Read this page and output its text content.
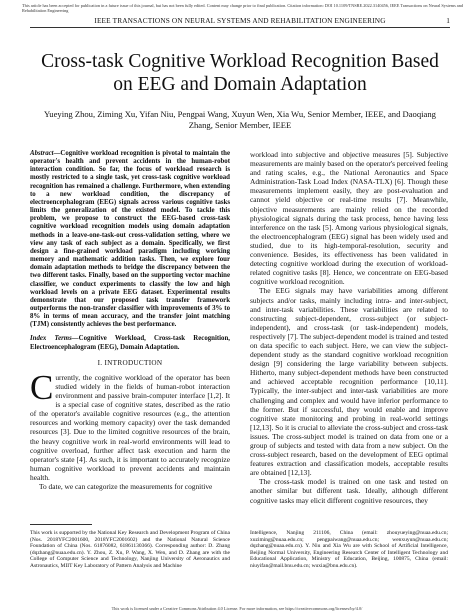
This article has been accepted for publication in a future issue of this journal, but has not been fully edited. Content may change prior to final publication. Citation information: DOI 10.1109/TNSRE.2022.3140456, IEEE Transactions on Neural Systems and Rehabilitation Engineering
IEEE TRANSACTIONS ON NEURAL SYSTEMS AND REHABILITATION ENGINEERING	1
Cross-task Cognitive Workload Recognition Based on EEG and Domain Adaptation
Yueying Zhou, Ziming Xu, Yifan Niu, Pengpai Wang, Xuyun Wen, Xia Wu, Senior Member, IEEE, and Daoqiang Zhang, Senior Member, IEEE
Abstract—Cognitive workload recognition is pivotal to maintain the operator's health and prevent accidents in the human-robot interaction condition. So far, the focus of workload research is mostly restricted to a single task, yet cross-task cognitive workload recognition has remained a challenge. Furthermore, when extending to a new workload condition, the discrepancy of electroencephalogram (EEG) signals across various cognitive tasks limits the generalization of the existed model. To tackle this problem, we propose to construct the EEG-based cross-task cognitive workload recognition models using domain adaptation methods in a leave-one-task-out cross-validation setting, where we view any task of each subject as a domain. Specifically, we first design a fine-grained workload paradigm including working memory and mathematic addition tasks. Then, we explore four domain adaptation methods to bridge the discrepancy between the two different tasks. Finally, based on the supporting vector machine classifier, we conduct experiments to classify the low and high workload levels on a private EEG dataset. Experimental results demonstrate that our proposed task transfer framework outperforms the non-transfer classifier with improvements of 3% to 8% in terms of mean accuracy, and the transfer joint matching (TJM) consistently achieves the best performance.
Index Terms—Cognitive Workload, Cross-task Recognition, Electroencephalogram (EEG), Domain Adaptation.
I. INTRODUCTION

Currently, the cognitive workload of the operator has been studied widely in the fields of human-robot interaction environment and passive brain-computer interface [1,2]. It is a special case of cognitive states, described as the ratio of the operator's available cognitive resources (e.g., the attention resources and working memory capacity) over the task demanded resources [3]. Due to the limited cognitive resources of the brain, the heavy cognitive work in real-world environments will lead to cognitive overload, further affect task execution and harm the operator's state [4]. As such, it is important to accurately recognize human cognitive workload to prevent accidents and maintain health.

To date, we can categorize the measurements for cognitive

workload into subjective and objective measures [5]. Subjective measurements are mainly based on the operator's perceived feeling and rating scales, e.g., the National Aeronautics and Space Administration-Task Load Index (NASA-TLX) [6]. Though these measurements implement easily, they are post-evaluation and cannot yield objective or real-time results [7]. Meanwhile, objective measurements are mainly relied on the recorded physiological signals during the task process, hence having less interference on the task [5]. Among various physiological signals, the electroencephalogram (EEG) signal has been widely used and studied, due to its high-temporal-resolution, security and convenience. Besides, its effectiveness has been validated in detecting cognitive workload during the execution of workload-related cognitive tasks [8]. Hence, we concentrate on EEG-based cognitive workload recognition.

The EEG signals may have variabilities among different subjects and/or tasks, mainly including intra- and inter-subject, and inter-task variabilities. These variabilities are related to constructing subject-dependent, cross-subject (or subject-independent), and cross-task (or task-independent) models, respectively [7]. The subject-dependent model is trained and tested on data specific to each subject. Here, we can view the subject-dependent study as the standard cognitive workload recognition design [9] considering the large variability between subjects. Hitherto, many subject-dependent methods have been constructed and achieved acceptable recognition performance [10,11]. Typically, the inter-subject and inter-task variabilities are more challenging and complex and would have inferior performance to the former. But if successful, they would enable and improve cognitive state monitoring and probing in real-world settings [12,13]. So it is crucial to alleviate the cross-subject and cross-task issues. The cross-subject model is trained on data from one or a group of subjects and tested with data from a new subject. On the cross-subject research, based on the development of EEG optimal features extraction and classification models, acceptable results are obtained [12,13].

The cross-task model is trained on one task and tested on another similar but different task. Ideally, although different cognitive tasks may elicit different cognitive resources, they

This work is supported by the National Key Research and Development Program of China (Nos. 2018YFC2001600, 2018YFC2001602) and the National Natural Science Foundation of China (Nos. 61876082, 61861130366). Corresponding author: D. Zhang (dqzhang@nuaa.edu.cn). Y. Zhou, Z. Xu, P. Wang, X. Wen, and D. Zhang are with the College of Computer Science and Technology, Nanjing University of Aeronautics and Astronautics, MIIT Key Laboratory of Pattern Analysis and Machine
Intelligence, Nanjing 211106, China (email: zhouyueying@nuaa.edu.cn; xuziming@nuaa.edu.cn; pengpaiwang@nuaa.edu.cn; wenxuyun@nuaa.edu.cn; dqzhang@nuaa.edu.cn). Y. Niu and Xia Wu are with School of Artificial Intelligence, Beijing Normal University, Engineering Research Center of Intelligent Technology and Educational Application, Ministry of Education, Beijing, 100875, China (email: niuyifan@mail.bnu.edu.cn; wuxia@bnu.edu.cn).
This work is licensed under a Creative Commons Attribution 4.0 License. For more information, see https://creativecommons.org/licenses/by/4.0/
